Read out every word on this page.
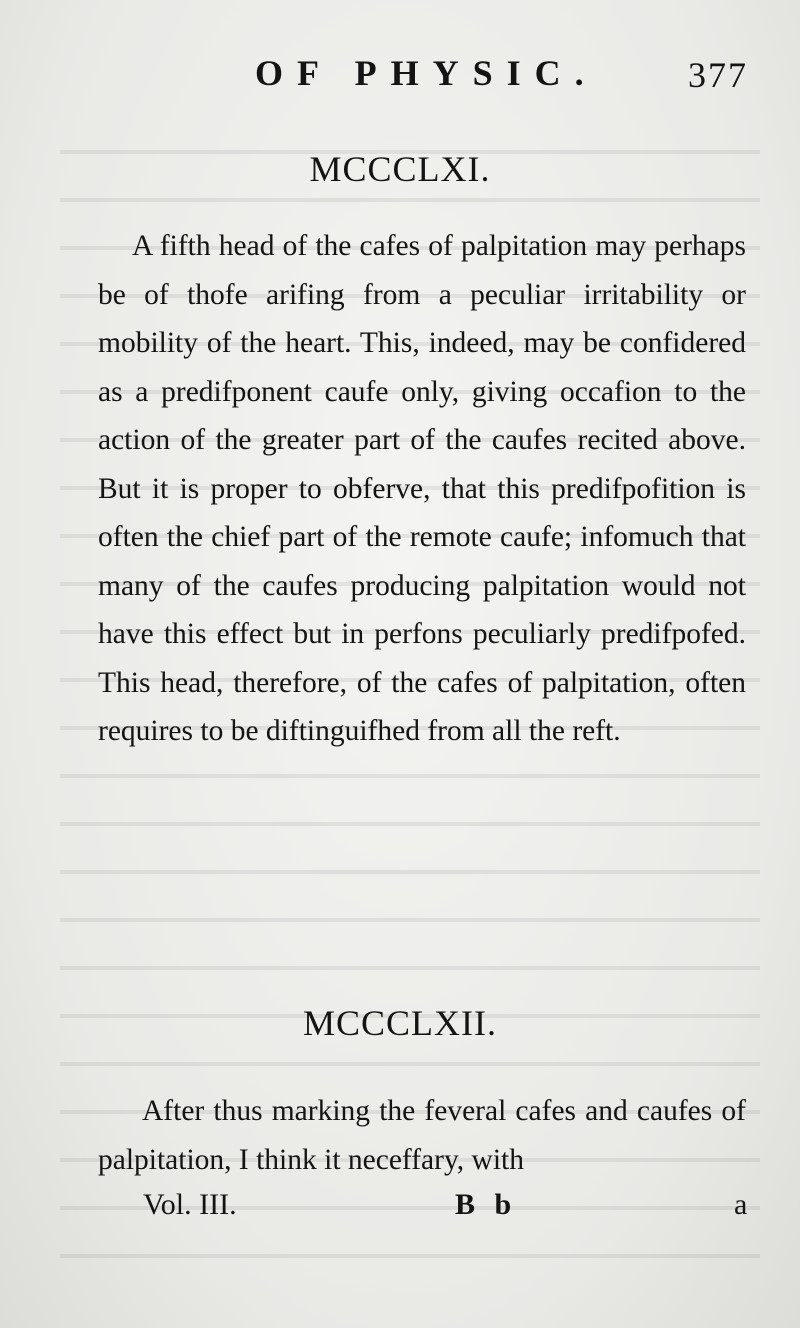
OF PHYSIC.	377
MCCCLXI.

A fifth head of the cafes of palpitation may perhaps be of thofe arifing from a peculiar irritability or mobility of the heart. This, indeed, may be confidered as a predifponent caufe only, giving occafion to the action of the greater part of the caufes recited above. But it is proper to obferve, that this predifpofition is often the chief part of the remote caufe; infomuch that many of the caufes producing palpitation would not have this effect but in perfons peculiarly predifpofed. This head, therefore, of the cafes of palpitation, often requires to be diftinguifhed from all the reft.

MCCCLXII.

After thus marking the feveral cafes and caufes of palpitation, I think it neceffary, with

Vol. III.	B b	a
